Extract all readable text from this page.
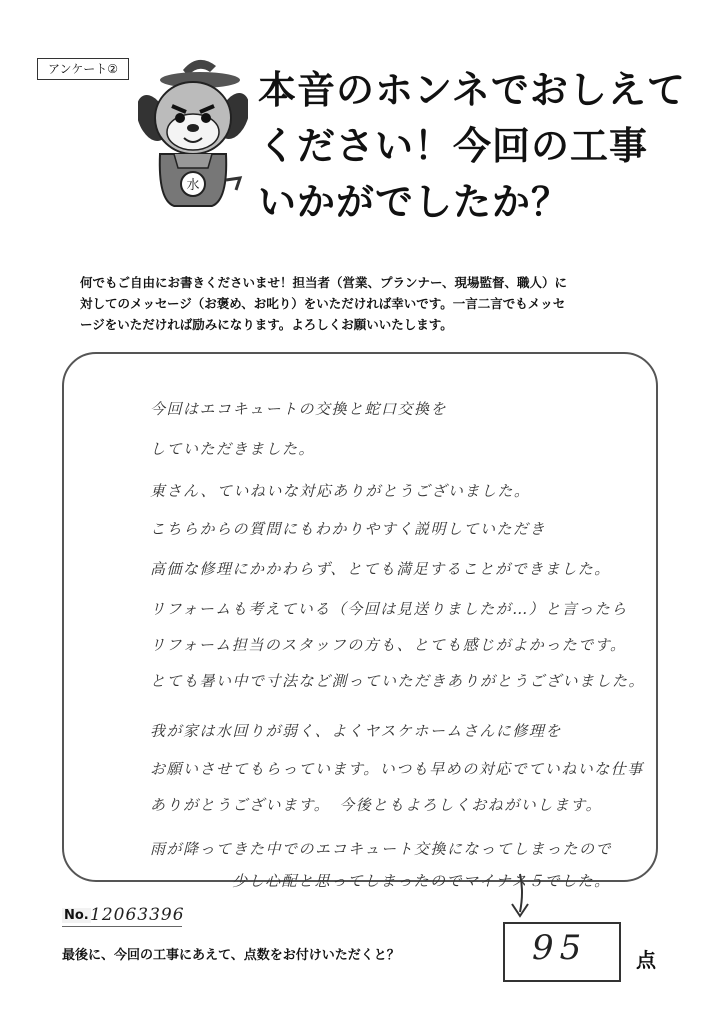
アンケート②
水
本音のホンネでおしえて
ください！今回の工事
いかがでしたか？
何でもご自由にお書きくださいませ！担当者（営業、プランナー、現場監督、職人）に
対してのメッセージ（お褒め、お叱り）をいただければ幸いです。一言二言でもメッセ
ージをいただければ励みになります。よろしくお願いいたします。
今回はエコキュートの交換と蛇口交換を
していただきました。
東さん、ていねいな対応ありがとうございました。
こちらからの質問にもわかりやすく説明していただき
高価な修理にかかわらず、とても満足することができました。
リフォームも考えている（今回は見送りましたが…）と言ったら
リフォーム担当のスタッフの方も、とても感じがよかったです。
とても暑い中で寸法など測っていただきありがとうございました。
我が家は水回りが弱く、よくヤスケホームさんに修理を
お願いさせてもらっています。いつも早めの対応でていねいな仕事
ありがとうございます。　今後ともよろしくおねがいします。
雨が降ってきた中でのエコキュート交換になってしまったので
少し心配と思ってしまったのでマイナス５でした。
No. 12063396
最後に、今回の工事にあえて、点数をお付けいただくと？	95 点
